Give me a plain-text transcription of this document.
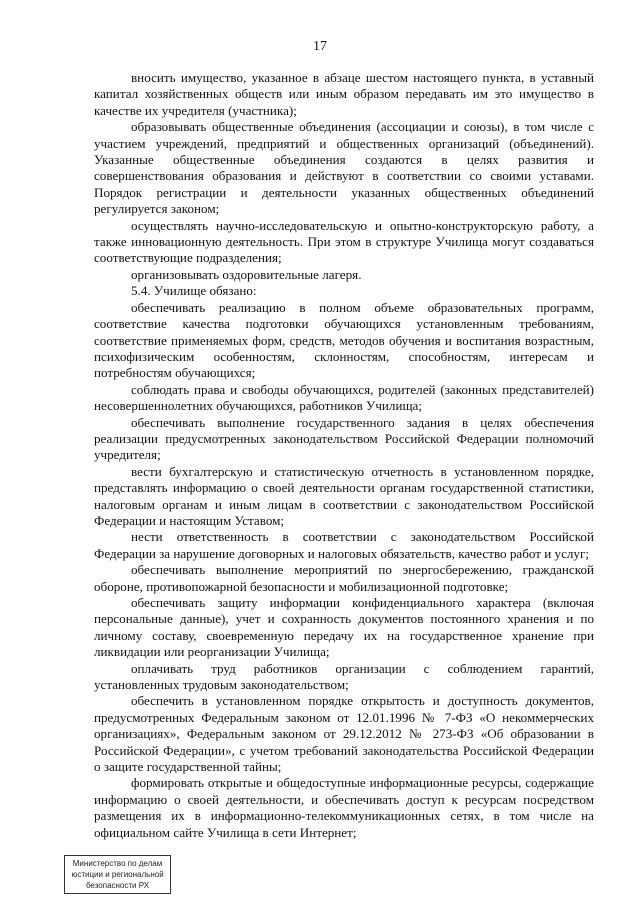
17

вносить имущество, указанное в абзаце шестом настоящего пункта, в уставный капитал хозяйственных обществ или иным образом передавать им это имущество в качестве их учредителя (участника);

образовывать общественные объединения (ассоциации и союзы), в том числе с участием учреждений, предприятий и общественных организаций (объединений). Указанные общественные объединения создаются в целях развития и совершенствования образования и действуют в соответствии со своими уставами. Порядок регистрации и деятельности указанных общественных объединений регулируется законом;

осуществлять научно-исследовательскую и опытно-конструкторскую работу, а также инновационную деятельность. При этом в структуре Училища могут создаваться соответствующие подразделения;

организовывать оздоровительные лагеря.

5.4. Училище обязано:

обеспечивать реализацию в полном объеме образовательных программ, соответствие качества подготовки обучающихся установленным требованиям, соответствие применяемых форм, средств, методов обучения и воспитания возрастным, психофизическим особенностям, склонностям, способностям, интересам и потребностям обучающихся;

соблюдать права и свободы обучающихся, родителей (законных представителей) несовершеннолетних обучающихся, работников Училища;

обеспечивать выполнение государственного задания в целях обеспечения реализации предусмотренных законодательством Российской Федерации полномочий учредителя;

вести бухгалтерскую и статистическую отчетность в установленном порядке, представлять информацию о своей деятельности органам государственной статистики, налоговым органам и иным лицам в соответствии с законодательством Российской Федерации и настоящим Уставом;

нести ответственность в соответствии с законодательством Российской Федерации за нарушение договорных и налоговых обязательств, качество работ и услуг;

обеспечивать выполнение мероприятий по энергосбережению, гражданской обороне, противопожарной безопасности и мобилизационной подготовке;

обеспечивать защиту информации конфиденциального характера (включая персональные данные), учет и сохранность документов постоянного хранения и по личному составу, своевременную передачу их на государственное хранение при ликвидации или реорганизации Училища;

оплачивать труд работников организации с соблюдением гарантий, установленных трудовым законодательством;

обеспечить в установленном порядке открытость и доступность документов, предусмотренных Федеральным законом от 12.01.1996 № 7-ФЗ «О некоммерческих организациях», Федеральным законом от 29.12.2012 № 273-ФЗ «Об образовании в Российской Федерации», с учетом требований законодательства Российской Федерации о защите государственной тайны;

формировать открытые и общедоступные информационные ресурсы, содержащие информацию о своей деятельности, и обеспечивать доступ к ресурсам посредством размещения их в информационно-телекоммуникационных сетях, в том числе на официальном сайте Училища в сети Интернет;

Министерство по делам
юстиции и региональной
безопасности РХ
